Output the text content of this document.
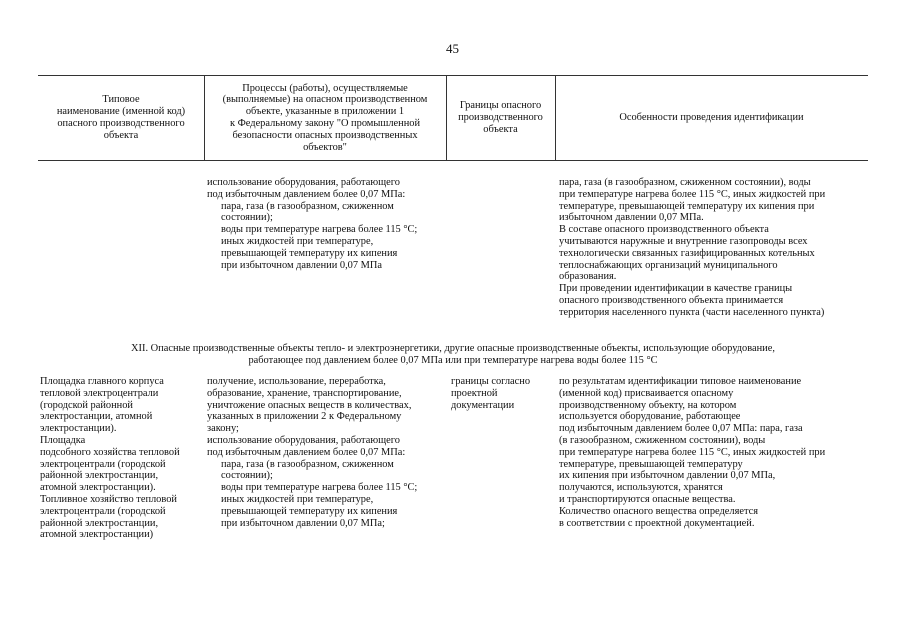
45
Типовое
наименование (именной код)
опасного производственного
объекта
Процессы (работы), осуществляемые
(выполняемые) на опасном производственном
объекте, указанные в приложении 1
к Федеральному закону "О промышленной
безопасности опасных производственных
объектов"
Границы опасного
производственного
объекта
Особенности проведения идентификации
использование оборудования, работающего
под избыточным давлением более 0,07 МПа:
пара, газа (в газообразном, сжиженном
состоянии);
воды при температуре нагрева более 115 °C;
иных жидкостей при температуре,
превышающей температуру их кипения
при избыточном давлении 0,07 МПа
пара, газа (в газообразном, сжиженном состоянии), воды
при температуре нагрева более 115 °C, иных жидкостей при
температуре, превышающей температуру их кипения при
избыточном давлении 0,07 МПа.
В составе опасного производственного объекта
учитываются наружные и внутренние газопроводы всех
технологически связанных газифицированных котельных
теплоснабжающих организаций муниципального
образования.
При проведении идентификации в качестве границы
опасного производственного объекта принимается
территория населенного пункта (части населенного пункта)
XII. Опасные производственные объекты тепло- и электроэнергетики, другие опасные производственные объекты, использующие оборудование,
работающее под давлением более 0,07 МПа или при температуре нагрева воды более 115 °C
Площадка главного корпуса
тепловой электроцентрали
(городской районной
электростанции, атомной
электростанции).
Площадка
подсобного хозяйства тепловой
электроцентрали (городской
районной электростанции,
атомной электростанции).
Топливное хозяйство тепловой
электроцентрали (городской
районной электростанции,
атомной электростанции)
получение, использование, переработка,
образование, хранение, транспортирование,
уничтожение опасных веществ в количествах,
указанных в приложении 2 к Федеральному
закону;
использование оборудования, работающего
под избыточным давлением более 0,07 МПа:
пара, газа (в газообразном, сжиженном
состоянии);
воды при температуре нагрева более 115 °C;
иных жидкостей при температуре,
превышающей температуру их кипения
при избыточном давлении 0,07 МПа;
границы согласно
проектной
документации
по результатам идентификации типовое наименование
(именной код) присваивается опасному
производственному объекту, на котором
используется оборудование, работающее
под избыточным давлением более 0,07 МПа: пара, газа
(в газообразном, сжиженном состоянии), воды
при температуре нагрева более 115 °C, иных жидкостей при
температуре, превышающей температуру
их кипения при избыточном давлении 0,07 МПа,
получаются, используются, хранятся
и транспортируются опасные вещества.
Количество опасного вещества определяется
в соответствии с проектной документацией.
